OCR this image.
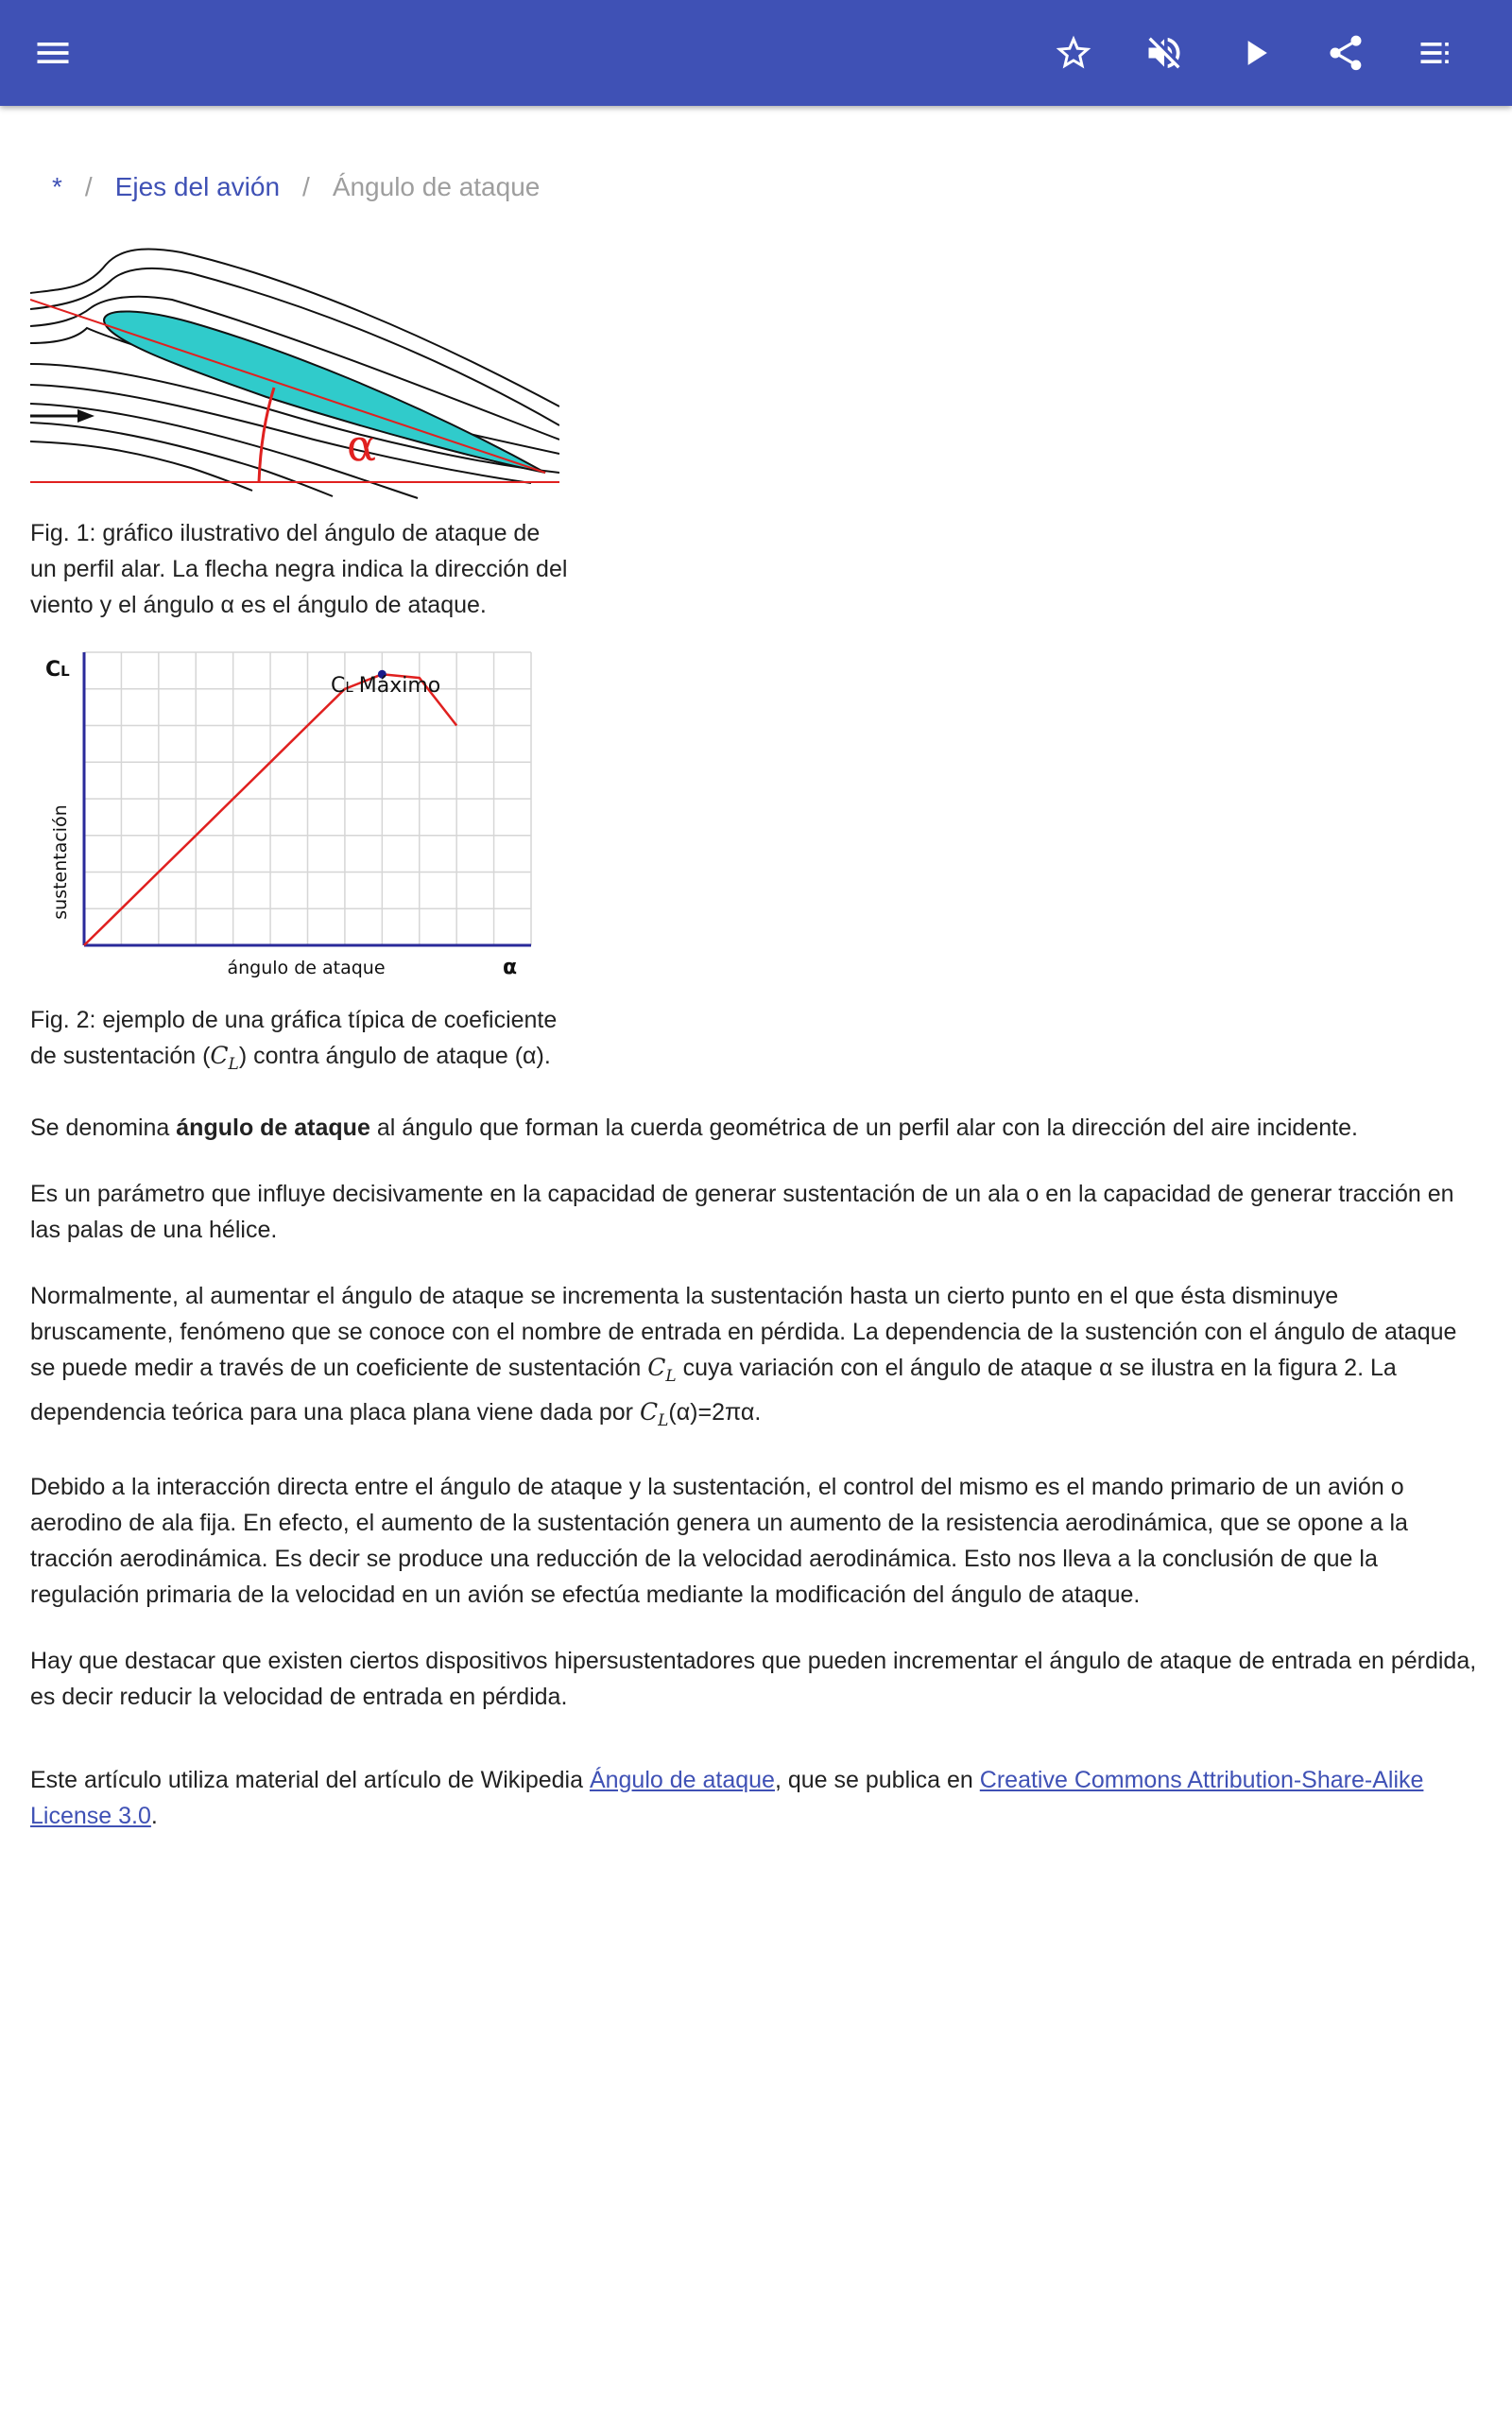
* / Ejes del avión / Ángulo de ataque
α
Fig. 1: gráfico ilustrativo del ángulo de ataque de un perfil alar. La flecha negra indica la dirección del viento y el ángulo α es el ángulo de ataque.
CL Máximo
CL
sustentación
ángulo de ataque	α
Fig. 2: ejemplo de una gráfica típica de coeficiente de sustentación $(C_L)$ contra ángulo de ataque (α).

Se denomina ángulo de ataque al ángulo que forman la cuerda geométrica de un perfil alar con la dirección del aire incidente.

Es un parámetro que influye decisivamente en la capacidad de generar sustentación de un ala o en la capacidad de generar tracción en las palas de una hélice.

Normalmente, al aumentar el ángulo de ataque se incrementa la sustentación hasta un cierto punto en el que ésta disminuye bruscamente, fenómeno que se conoce con el nombre de entrada en pérdida. La dependencia de la sustención con el ángulo de ataque se puede medir a través de un coeficiente de sustentación $C_L$ cuya variación con el ángulo de ataque α se ilustra en la figura 2. La dependencia teórica para una placa plana viene dada por $C_L(\alpha)=2\pi\alpha$.

Debido a la interacción directa entre el ángulo de ataque y la sustentación, el control del mismo es el mando primario de un avión o aerodino de ala fija. En efecto, el aumento de la sustentación genera un aumento de la resistencia aerodinámica, que se opone a la tracción aerodinámica. Es decir se produce una reducción de la velocidad aerodinámica. Esto nos lleva a la conclusión de que la regulación primaria de la velocidad en un avión se efectúa mediante la modificación del ángulo de ataque.

Hay que destacar que existen ciertos dispositivos hipersustentadores que pueden incrementar el ángulo de ataque de entrada en pérdida, es decir reducir la velocidad de entrada en pérdida.

Este artículo utiliza material del artículo de Wikipedia Ángulo de ataque, que se publica en Creative Commons Attribution-Share-Alike License 3.0.
